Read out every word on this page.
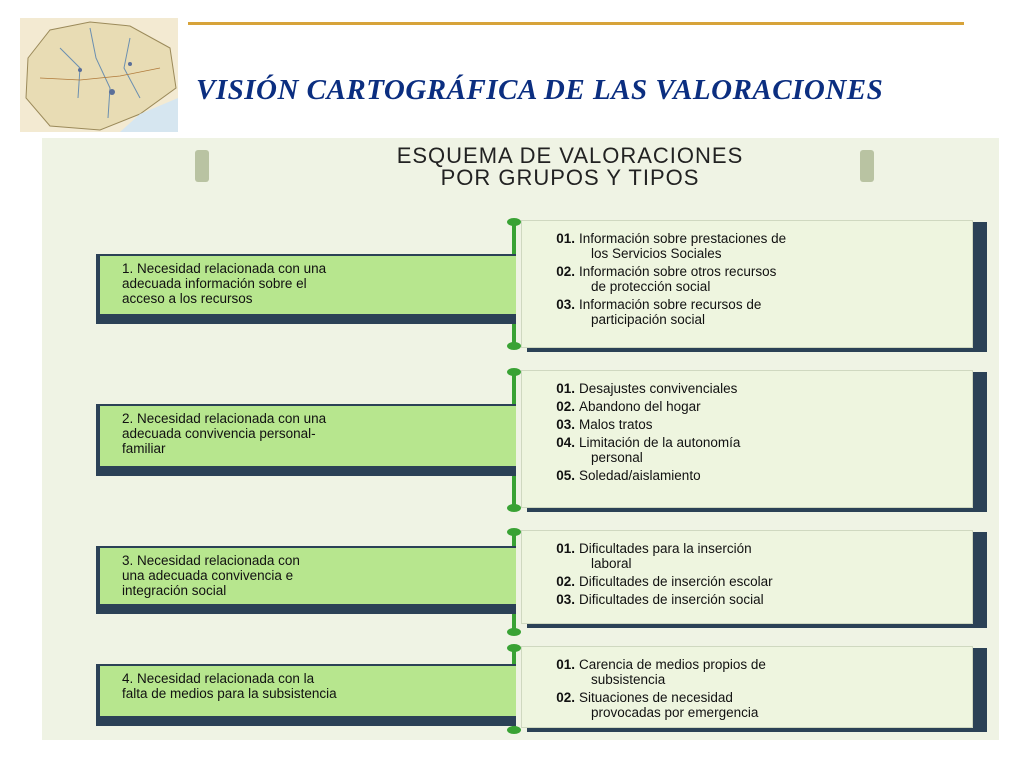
VISIÓN CARTOGRÁFICA DE LAS VALORACIONES
ESQUEMA DE VALORACIONES
POR GRUPOS Y TIPOS
1. Necesidad relacionada con una
adecuada información sobre el
acceso a los recursos
01. Información sobre prestaciones de
los Servicios Sociales
02. Información sobre otros recursos
de protección social
03. Información sobre recursos de
participación social
2. Necesidad relacionada con una
adecuada convivencia personal-
familiar
01. Desajustes convivenciales
02. Abandono del hogar
03. Malos tratos
04. Limitación de la autonomía
personal
05. Soledad/aislamiento
3. Necesidad relacionada con
una adecuada convivencia e
integración social
01. Dificultades para la inserción
laboral
02. Dificultades de inserción escolar
03. Dificultades de inserción social
4. Necesidad relacionada con la
falta de medios para la subsistencia
01. Carencia de medios propios de
subsistencia
02. Situaciones de necesidad
provocadas por emergencia
